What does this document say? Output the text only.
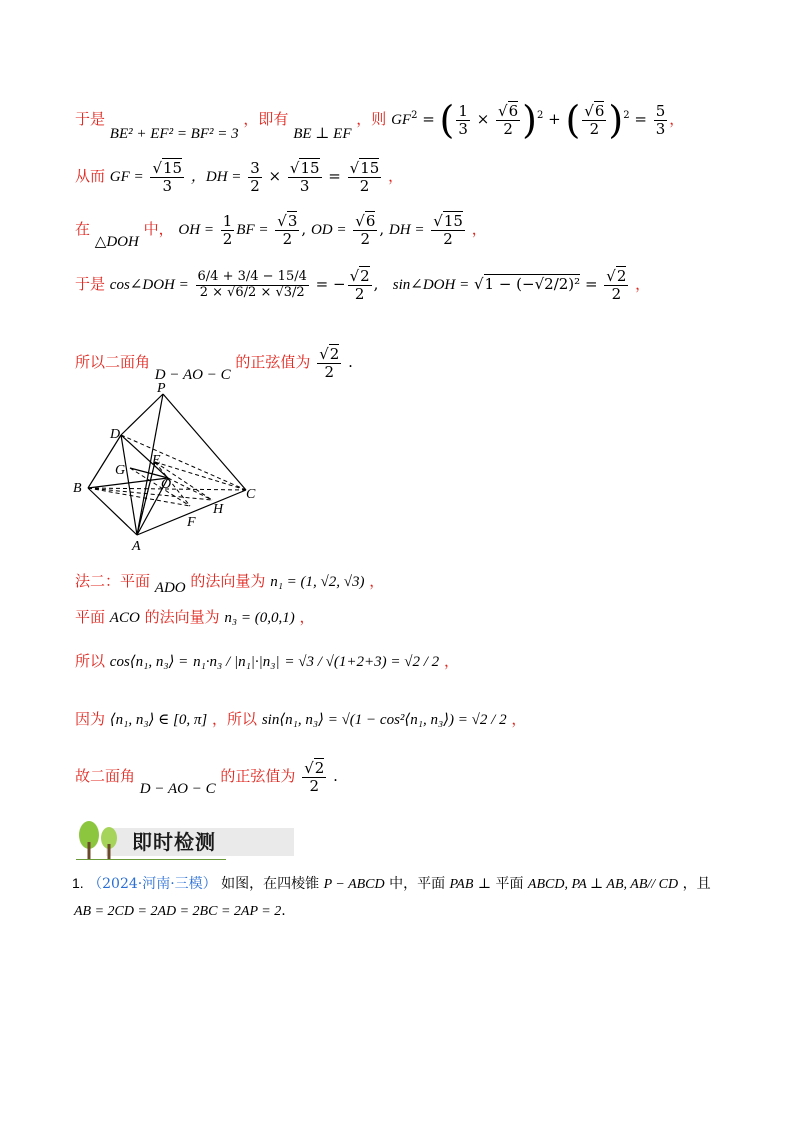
于是 BE² + EF² = BF² = 3 ，即有 BE ⊥ EF ，则 $GF^2$ = ( $\frac{1}{3} \times \frac{√6}{2} )^2$ + ( $\frac{√6}{2} )^2 = \frac{5}{3}$ ，
从而 GF = $\frac{√15}{3}$ ，DH = $\frac{3}{2} \times \frac{√15}{3} = \frac{√15}{2}$ ，
在 △DOH 中， OH = $\frac{1}{2}$ BF = $\frac{√3}{2}$ , OD = $\frac{√6}{2}$ , DH = $\frac{√15}{2}$ ，
于是 cos∠DOH = $\frac{6/4 + 3/4 - 15/4}{2 \times √6/2 \times √3/2}$ = − $\frac{√2}{2}$ ,   sin∠DOH = $√1 - (-√2/2)^2 = \frac{√2}{2}$ ，
所以二面角 D − AO − C 的正弦值为 $\frac{√2}{2}$ .
P
D
G
E
B	O
C
F
H
A
法二：平面 ADO 的法向量为 n₁ = (1, √2, √3) ，
平面 ACO 的法向量为 n₃ = (0,0,1) ，
所以 cos⟨n₁, n₃⟩ = n₁·n₃ / |n₁|·|n₃| = √3 / √(1+2+3) = √2 / 2 ，
因为 ⟨n₁, n₃⟩ ∈ [0, π] ，所以 sin⟨n₁, n₃⟩ = √(1 − cos²⟨n₁, n₃⟩) = √2 / 2 ，
故二面角 D − AO − C 的正弦值为 $\frac{√2}{2}$ .
即时检测
1. （2024·河南·三模） 如图，在四棱锥 P − ABCD 中，平面 PAB ⊥ 平面 ABCD, PA ⊥ AB, AB// CD ，且
AB = 2CD = 2AD = 2BC = 2AP = 2.
